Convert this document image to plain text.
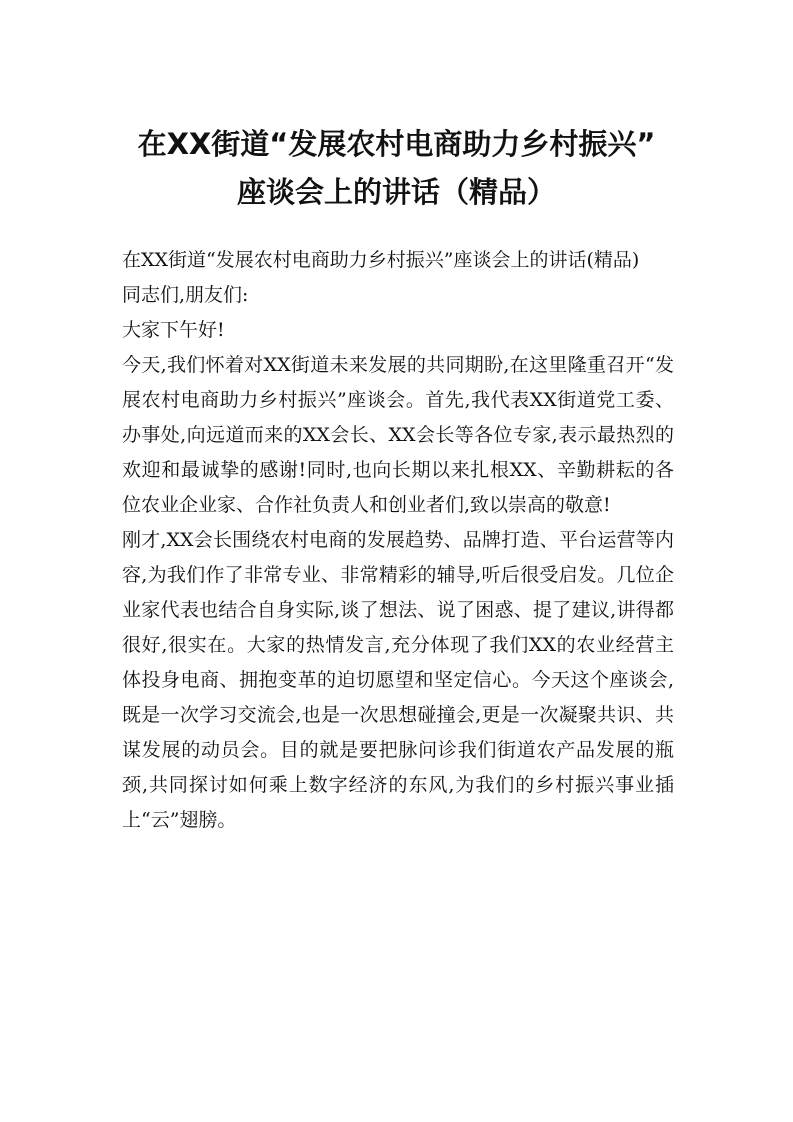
在XX街道“发展农村电商助力乡村振兴”
座谈会上的讲话（精品）

在XX街道“发展农村电商助力乡村振兴”座谈会上的讲话(精品)

同志们,朋友们:

大家下午好!

今天,我们怀着对XX街道未来发展的共同期盼,在这里隆重召开“发展农村电商助力乡村振兴”座谈会。首先,我代表XX街道党工委、办事处,向远道而来的XX会长、XX会长等各位专家,表示最热烈的欢迎和最诚挚的感谢!同时,也向长期以来扎根XX、辛勤耕耘的各位农业企业家、合作社负责人和创业者们,致以崇高的敬意!

刚才,XX会长围绕农村电商的发展趋势、品牌打造、平台运营等内容,为我们作了非常专业、非常精彩的辅导,听后很受启发。几位企业家代表也结合自身实际,谈了想法、说了困惑、提了建议,讲得都很好,很实在。大家的热情发言,充分体现了我们XX的农业经营主体投身电商、拥抱变革的迫切愿望和坚定信心。今天这个座谈会,既是一次学习交流会,也是一次思想碰撞会,更是一次凝聚共识、共谋发展的动员会。目的就是要把脉问诊我们街道农产品发展的瓶颈,共同探讨如何乘上数字经济的东风,为我们的乡村振兴事业插上“云”翅膀。
